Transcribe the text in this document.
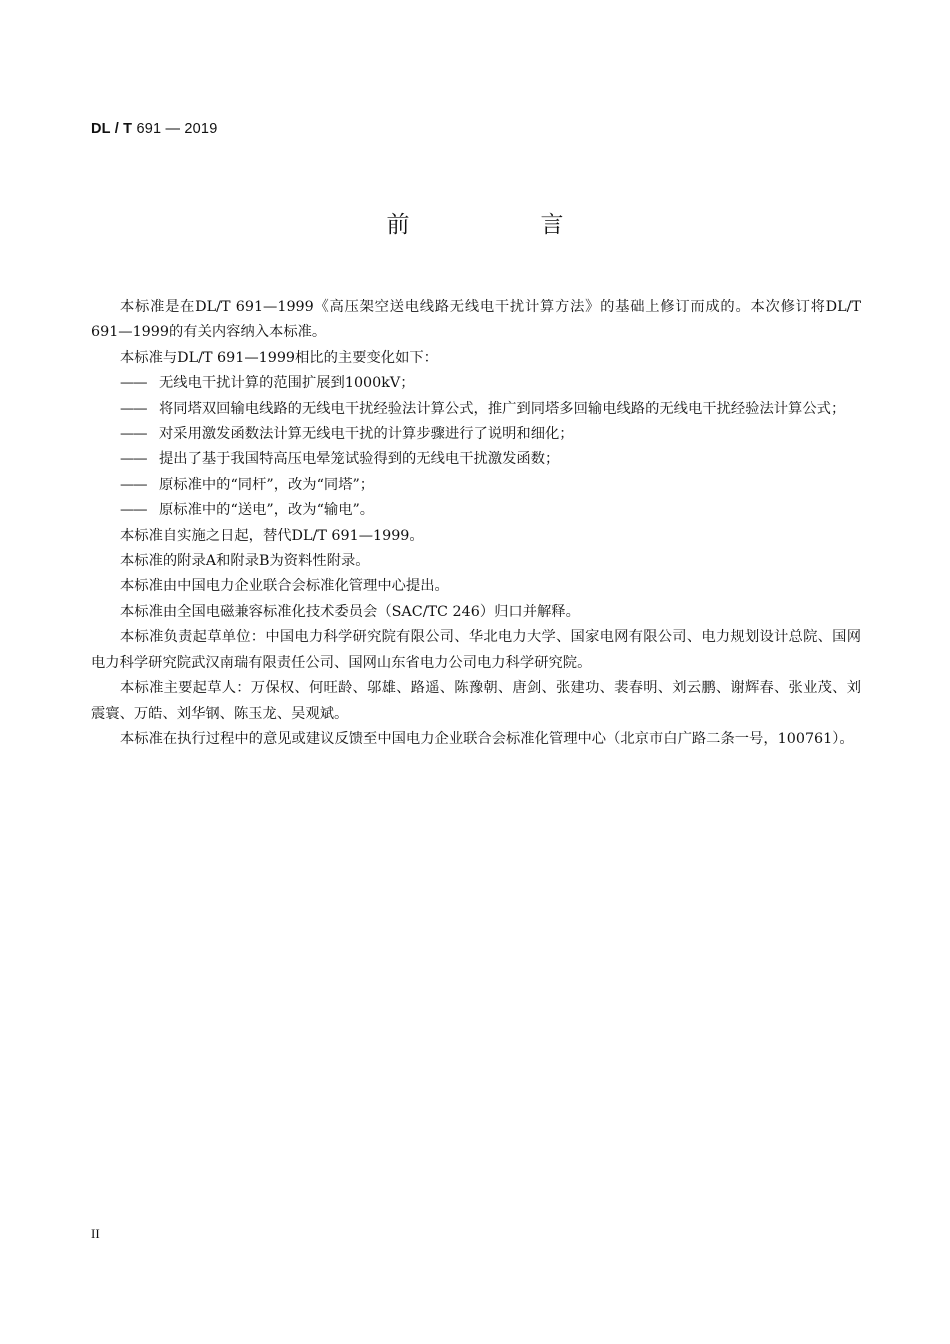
DL / T 691 — 2019
前　言

本标准是在DL/T 691—1999《高压架空送电线路无线电干扰计算方法》的基础上修订而成的。本次修订将DL/T 691—1999的有关内容纳入本标准。

本标准与DL/T 691—1999相比的主要变化如下：

—— 无线电干扰计算的范围扩展到1000kV；

—— 将同塔双回输电线路的无线电干扰经验法计算公式，推广到同塔多回输电线路的无线电干扰经验法计算公式；

—— 对采用激发函数法计算无线电干扰的计算步骤进行了说明和细化；

—— 提出了基于我国特高压电晕笼试验得到的无线电干扰激发函数；

—— 原标准中的“同杆”，改为“同塔”；

—— 原标准中的“送电”，改为“输电”。

本标准自实施之日起，替代DL/T 691—1999。

本标准的附录A和附录B为资料性附录。

本标准由中国电力企业联合会标准化管理中心提出。

本标准由全国电磁兼容标准化技术委员会（SAC/TC 246）归口并解释。

本标准负责起草单位：中国电力科学研究院有限公司、华北电力大学、国家电网有限公司、电力规划设计总院、国网电力科学研究院武汉南瑞有限责任公司、国网山东省电力公司电力科学研究院。

本标准主要起草人：万保权、何旺龄、邬雄、路遥、陈豫朝、唐剑、张建功、裴春明、刘云鹏、谢辉春、张业茂、刘震寰、万皓、刘华钢、陈玉龙、吴观斌。

本标准在执行过程中的意见或建议反馈至中国电力企业联合会标准化管理中心（北京市白广路二条一号，100761）。

II
